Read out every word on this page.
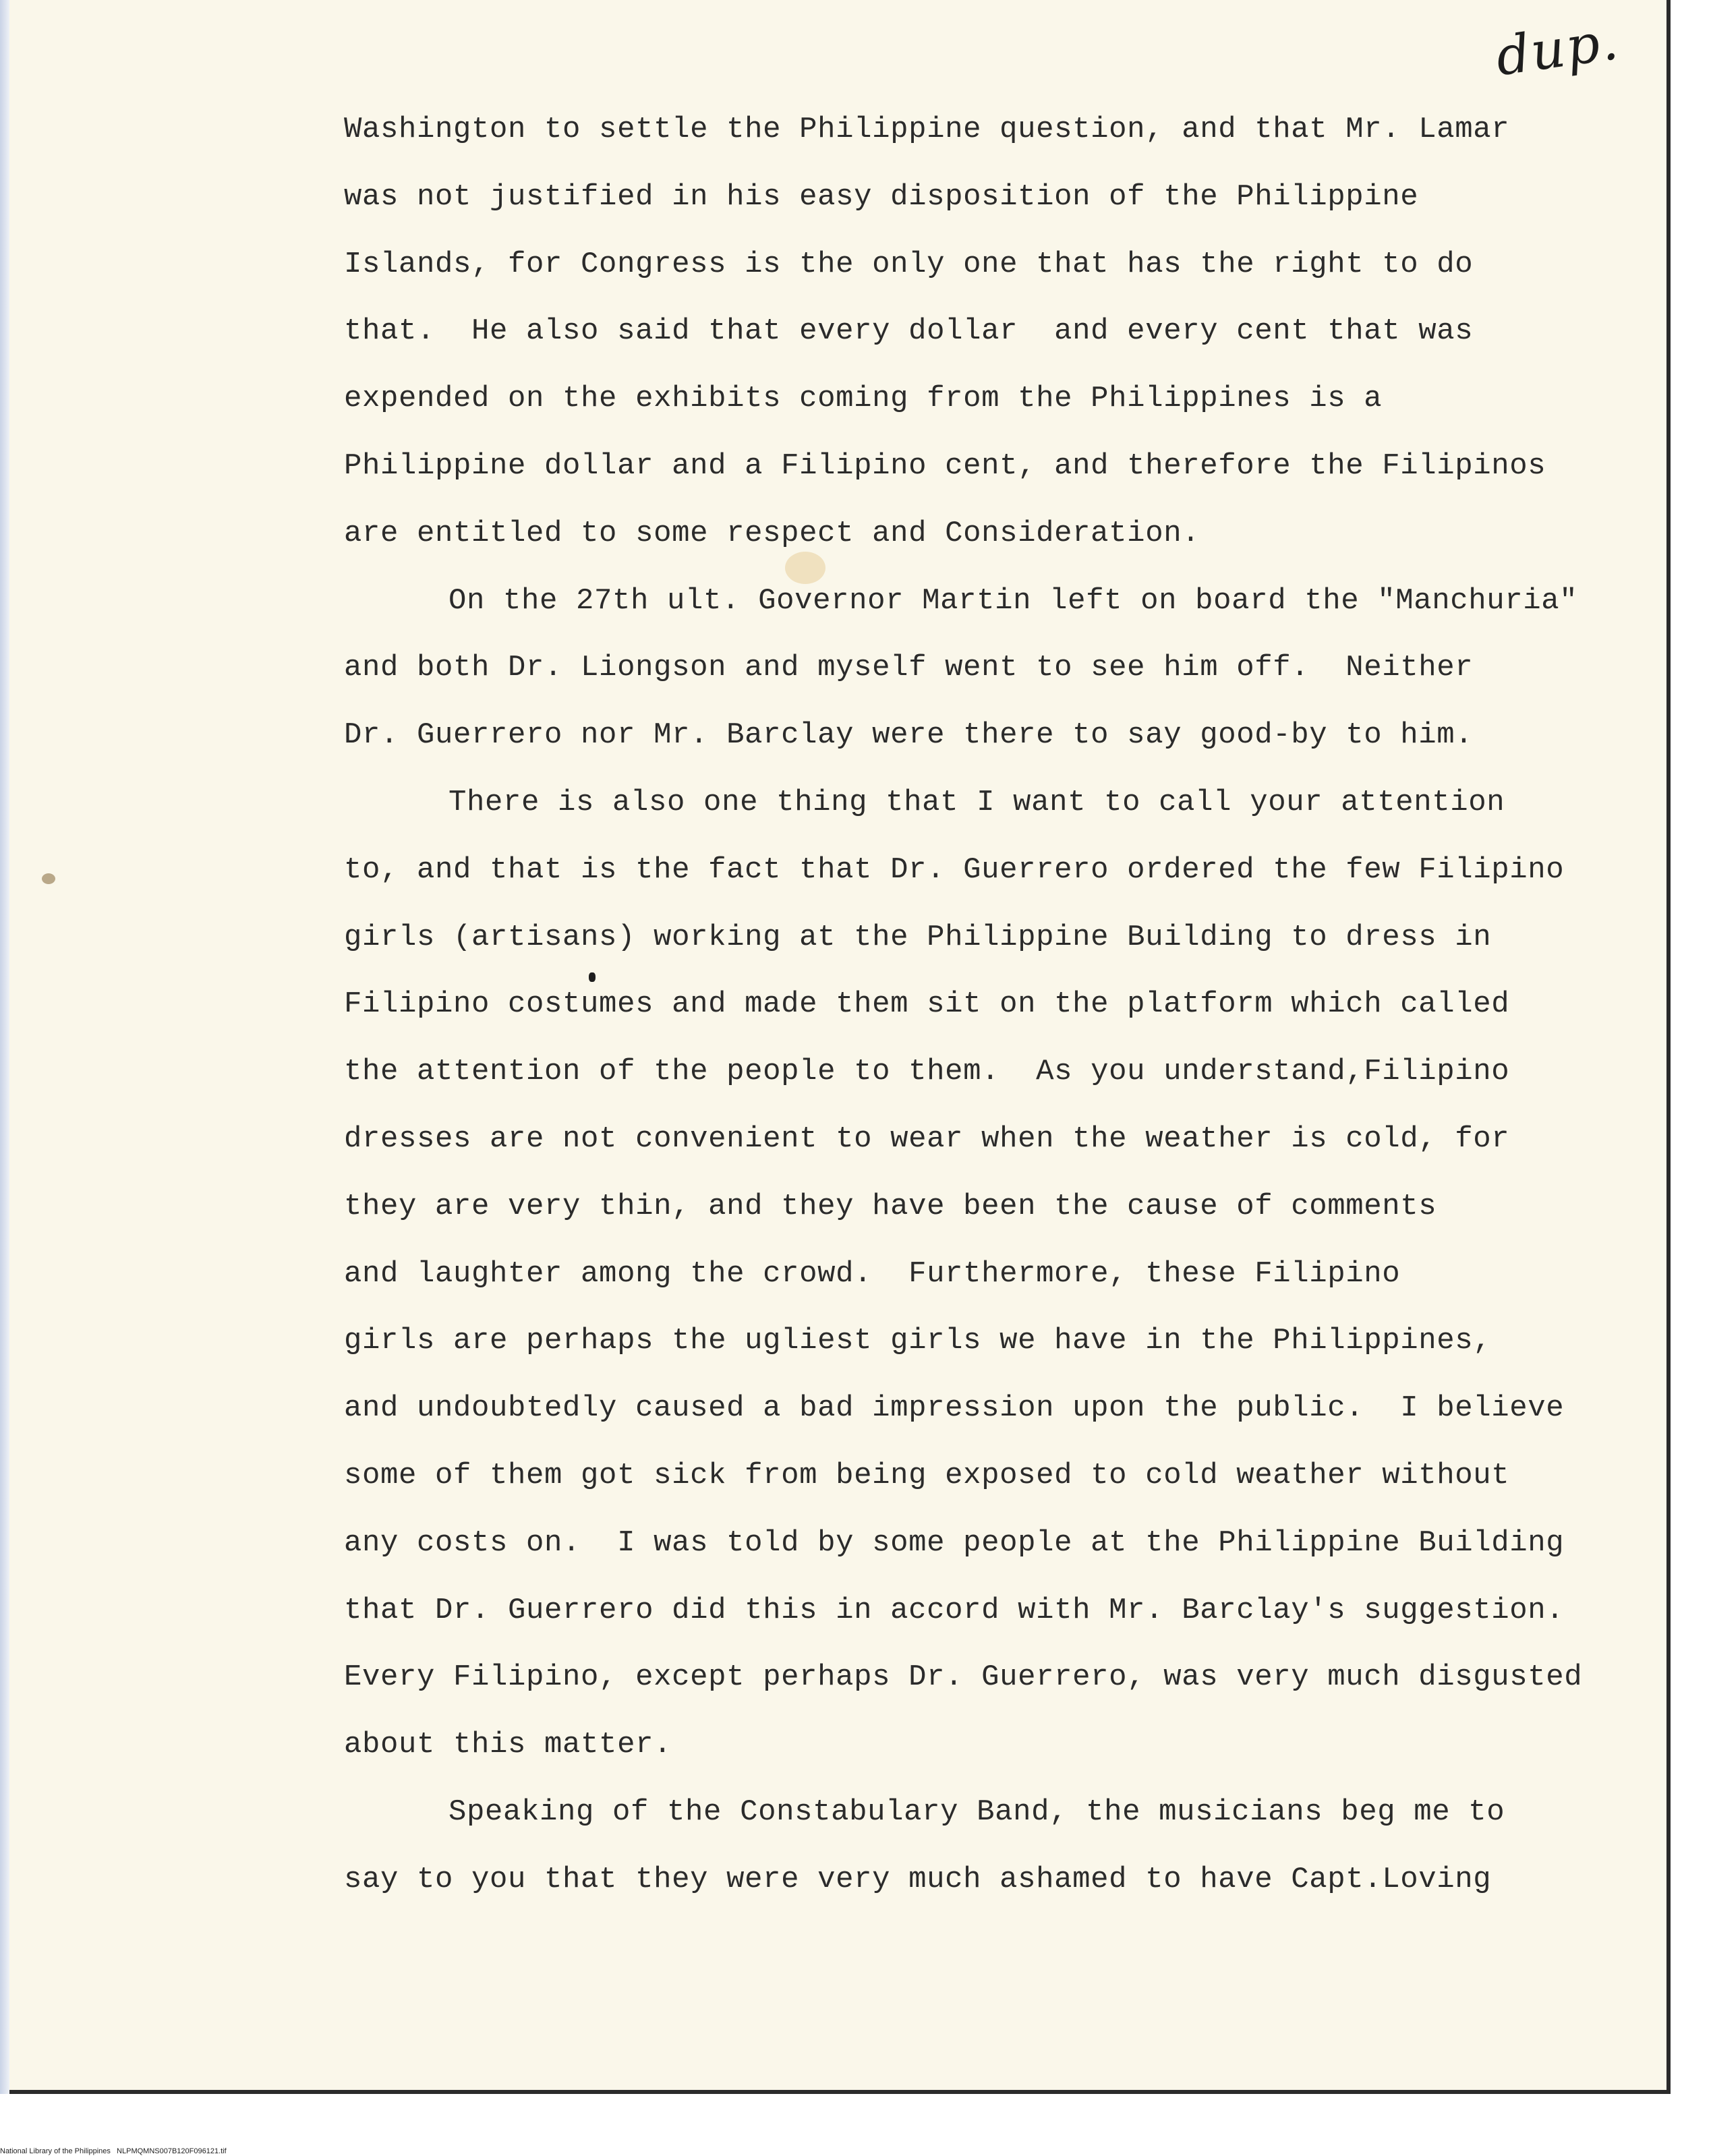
dup.

Washington to settle the Philippine question, and that Mr. Lamar

was not justified in his easy disposition of the Philippine

Islands, for Congress is the only one that has the right to do

that.  He also said that every dollar  and every cent that was

expended on the exhibits coming from the Philippines is a

Philippine dollar and a Filipino cent, and therefore the Filipinos

are entitled to some respect and Consideration.

On the 27th ult. Governor Martin left on board the "Manchuria"

and both Dr. Liongson and myself went to see him off.  Neither

Dr. Guerrero nor Mr. Barclay were there to say good-by to him.

There is also one thing that I want to call your attention

to, and that is the fact that Dr. Guerrero ordered the few Filipino

girls (artisans) working at the Philippine Building to dress in

Filipino costumes and made them sit on the platform which called

the attention of the people to them.  As you understand,Filipino

dresses are not convenient to wear when the weather is cold, for

they are very thin, and they have been the cause of comments

and laughter among the crowd.  Furthermore, these Filipino

girls are perhaps the ugliest girls we have in the Philippines,

and undoubtedly caused a bad impression upon the public.  I believe

some of them got sick from being exposed to cold weather without

any costs on.  I was told by some people at the Philippine Building

that Dr. Guerrero did this in accord with Mr. Barclay's suggestion.

Every Filipino, except perhaps Dr. Guerrero, was very much disgusted

about this matter.

Speaking of the Constabulary Band, the musicians beg me to

say to you that they were very much ashamed to have Capt.Loving

National Library of the Philippines   NLPMQMNS007B120F096121.tif
